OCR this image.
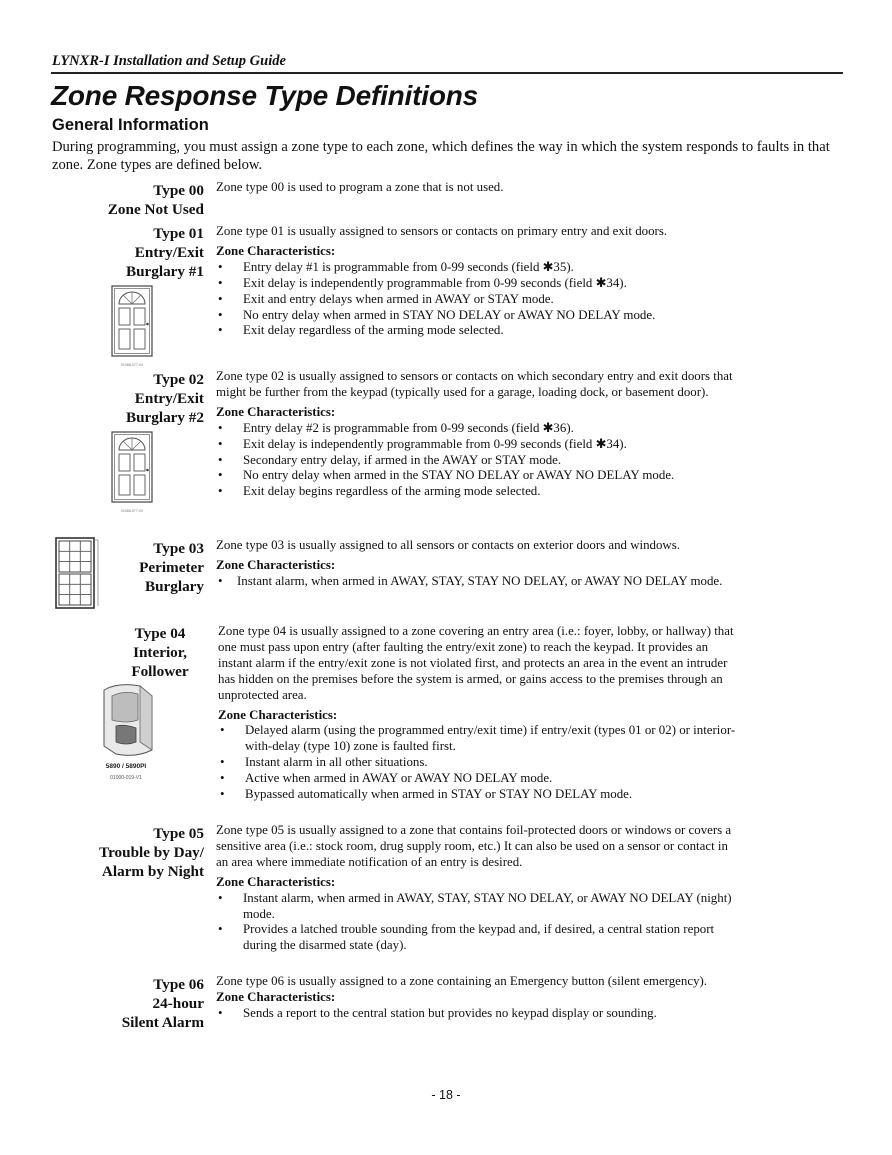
LYNXR-I Installation and Setup Guide
Zone Response Type Definitions
General Information
During programming, you must assign a zone type to each zone, which defines the way in which the system responds to faults in that zone. Zone types are defined below.
Type 00
Zone Not Used

Zone type 00 is used to program a zone that is not used.

Type 01
Entry/Exit
Burglary #1

Zone type 01 is usually assigned to sensors or contacts on primary entry and exit doors.

Zone Characteristics:

• Entry delay #1 is programmable from 0-99 seconds (field ✱35).
• Exit delay is independently programmable from 0-99 seconds (field ✱34).
• Exit and entry delays when armed in AWAY or STAY mode.
• No entry delay when armed in STAY NO DELAY or AWAY NO DELAY mode.
• Exit delay regardless of the arming mode selected.
01088-077-V0
Type 02
Entry/Exit
Burglary #2

Zone type 02 is usually assigned to sensors or contacts on which secondary entry and exit doors that might be further from the keypad (typically used for a garage, loading dock, or basement door).

Zone Characteristics:

• Entry delay #2 is programmable from 0-99 seconds (field ✱36).
• Exit delay is independently programmable from 0-99 seconds (field ✱34).
• Secondary entry delay, if armed in the AWAY or STAY mode.
• No entry delay when armed in the STAY NO DELAY or AWAY NO DELAY mode.
• Exit delay begins regardless of the arming mode selected.
01088-077-V0
Type 03
Perimeter
Burglary

Zone type 03 is usually assigned to all sensors or contacts on exterior doors and windows.

Zone Characteristics:

• Instant alarm, when armed in AWAY, STAY, STAY NO DELAY, or AWAY NO DELAY mode.
Type 04
Interior,
Follower

Zone type 04 is usually assigned to a zone covering an entry area (i.e.: foyer, lobby, or hallway) that one must pass upon entry (after faulting the entry/exit zone) to reach the keypad. It provides an instant alarm if the entry/exit zone is not violated first, and protects an area in the event an intruder has hidden on the premises before the system is armed, or gains access to the premises through an unprotected area.

Zone Characteristics:

• Delayed alarm (using the programmed entry/exit time) if entry/exit (types 01 or 02) or interior-with-delay (type 10) zone is faulted first.
• Instant alarm in all other situations.
• Active when armed in AWAY or AWAY NO DELAY mode.
• Bypassed automatically when armed in STAY or STAY NO DELAY mode.
5890 / 5890PI
01000-019-V1
Type 05
Trouble by Day/
Alarm by Night

Zone type 05 is usually assigned to a zone that contains foil-protected doors or windows or covers a sensitive area (i.e.: stock room, drug supply room, etc.) It can also be used on a sensor or contact in an area where immediate notification of an entry is desired.

Zone Characteristics:

• Instant alarm, when armed in AWAY, STAY, STAY NO DELAY, or AWAY NO DELAY (night) mode.
• Provides a latched trouble sounding from the keypad and, if desired, a central station report during the disarmed state (day).
Type 06
24-hour
Silent Alarm

Zone type 06 is usually assigned to a zone containing an Emergency button (silent emergency).

Zone Characteristics:

• Sends a report to the central station but provides no keypad display or sounding.
- 18 -
